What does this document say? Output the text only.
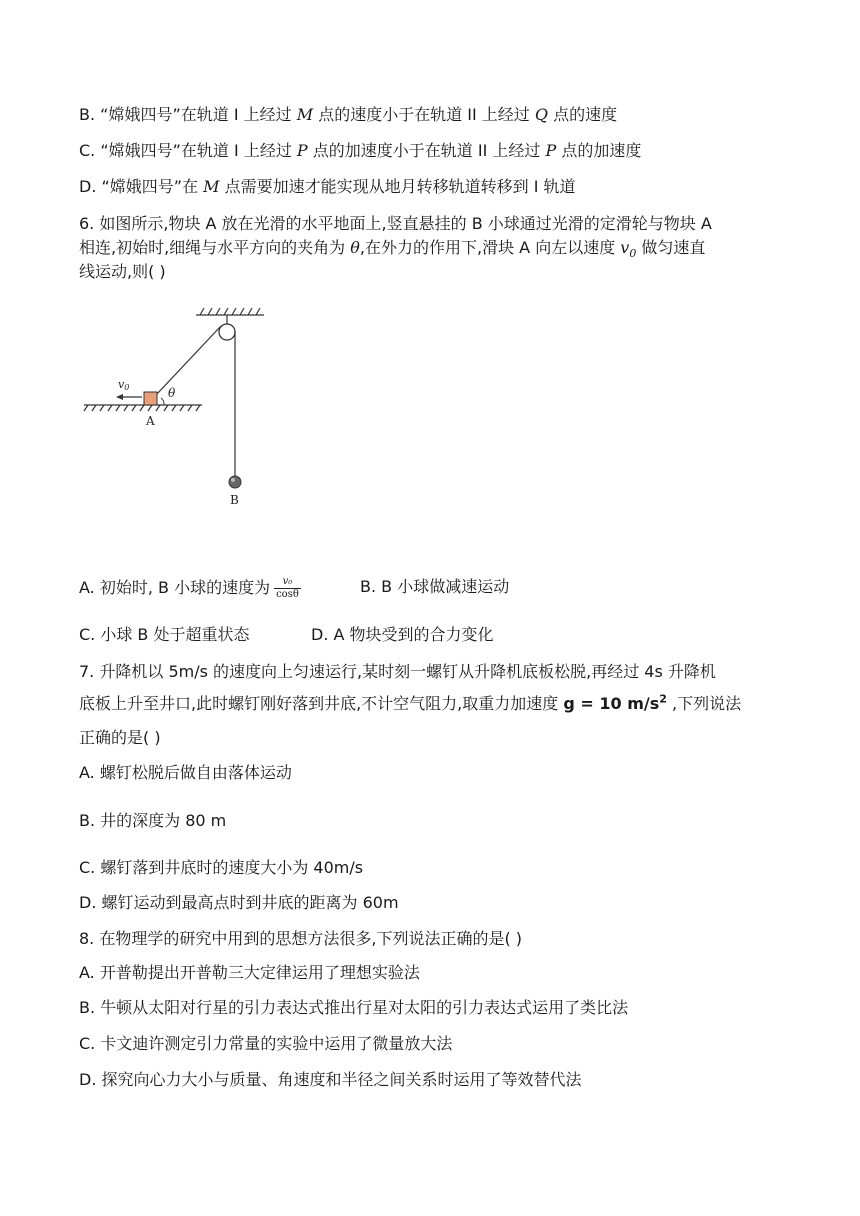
B. “嫦娥四号”在轨道 I 上经过 M 点的速度小于在轨道 II 上经过 Q 点的速度
C. “嫦娥四号”在轨道 I 上经过 P 点的加速度小于在轨道 II 上经过 P 点的加速度
D. “嫦娥四号”在 M 点需要加速才能实现从地月转移轨道转移到 I 轨道
6. 如图所示,物块 A 放在光滑的水平地面上,竖直悬挂的 B 小球通过光滑的定滑轮与物块 A
相连,初始时,细绳与水平方向的夹角为 θ,在外力的作用下,滑块 A 向左以速度 $v_0$ 做匀速直
线运动,则( )
v0	θ
A
B
A. 初始时, B 小球的速度为 $\frac{\text{v₀}}{\cos\theta}$	B. B 小球做减速运动
C. 小球 B 处于超重状态	D. A 物块受到的合力变化
7. 升降机以 5m/s 的速度向上匀速运行,某时刻一螺钉从升降机底板松脱,再经过 4s 升降机
底板上升至井口,此时螺钉刚好落到井底,不计空气阻力,取重力加速度 g = 10 $m/s^2$ ,下列说法
正确的是( )
A. 螺钉松脱后做自由落体运动
B. 井的深度为 80 m
C. 螺钉落到井底时的速度大小为 40m/s
D. 螺钉运动到最高点时到井底的距离为 60m
8. 在物理学的研究中用到的思想方法很多,下列说法正确的是( )
A. 开普勒提出开普勒三大定律运用了理想实验法
B. 牛顿从太阳对行星的引力表达式推出行星对太阳的引力表达式运用了类比法
C. 卡文迪许测定引力常量的实验中运用了微量放大法
D. 探究向心力大小与质量、角速度和半径之间关系时运用了等效替代法
